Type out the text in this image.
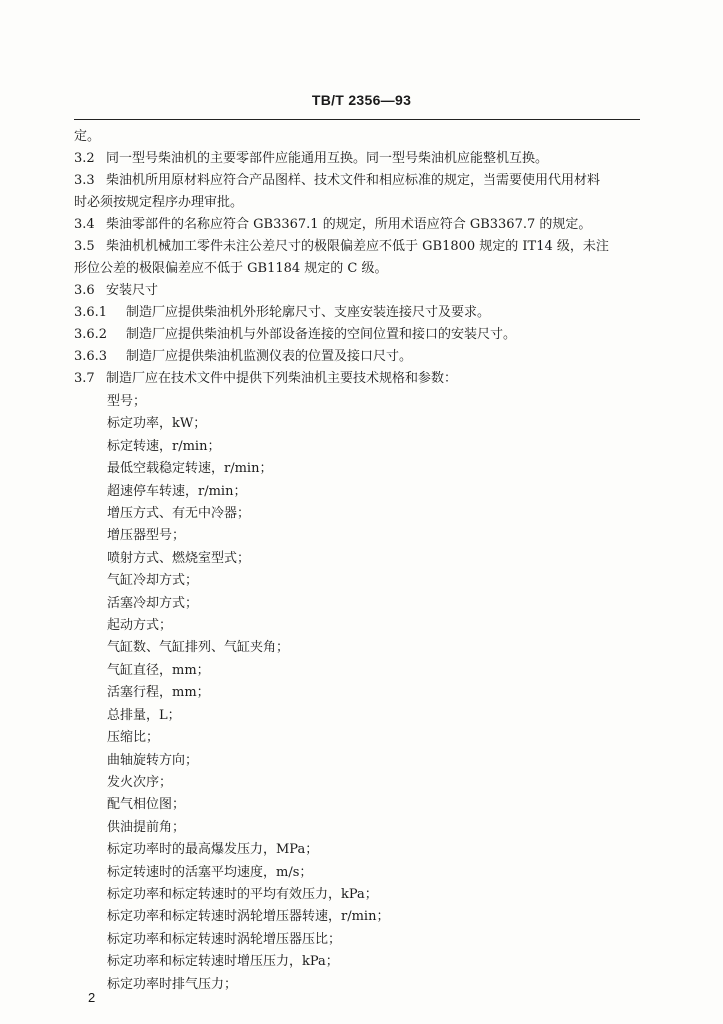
TB/T 2356—93
定。
3.2 同一型号柴油机的主要零部件应能通用互换。同一型号柴油机应能整机互换。
3.3 柴油机所用原材料应符合产品图样、技术文件和相应标准的规定，当需要使用代用材料
时必须按规定程序办理审批。
3.4 柴油零部件的名称应符合 GB3367.1 的规定，所用术语应符合 GB3367.7 的规定。
3.5 柴油机机械加工零件未注公差尺寸的极限偏差应不低于 GB1800 规定的 IT14 级，未注
形位公差的极限偏差应不低于 GB1184 规定的 C 级。
3.6 安装尺寸
3.6.1	制造厂应提供柴油机外形轮廓尺寸、支座安装连接尺寸及要求。
3.6.2	制造厂应提供柴油机与外部设备连接的空间位置和接口的安装尺寸。
3.6.3	制造厂应提供柴油机监测仪表的位置及接口尺寸。
3.7 制造厂应在技术文件中提供下列柴油机主要技术规格和参数：
型号；
标定功率，kW；
标定转速，r/min；
最低空载稳定转速，r/min；
超速停车转速，r/min；
增压方式、有无中冷器；
增压器型号；
喷射方式、燃烧室型式；
气缸冷却方式；
活塞冷却方式；
起动方式；
气缸数、气缸排列、气缸夹角；
气缸直径，mm；
活塞行程，mm；
总排量，L；
压缩比；
曲轴旋转方向；
发火次序；
配气相位图；
供油提前角；
标定功率时的最高爆发压力，MPa；
标定转速时的活塞平均速度，m/s；
标定功率和标定转速时的平均有效压力，kPa；
标定功率和标定转速时涡轮增压器转速，r/min；
标定功率和标定转速时涡轮增压器压比；
标定功率和标定转速时增压压力，kPa；
标定功率时排气压力；
2
